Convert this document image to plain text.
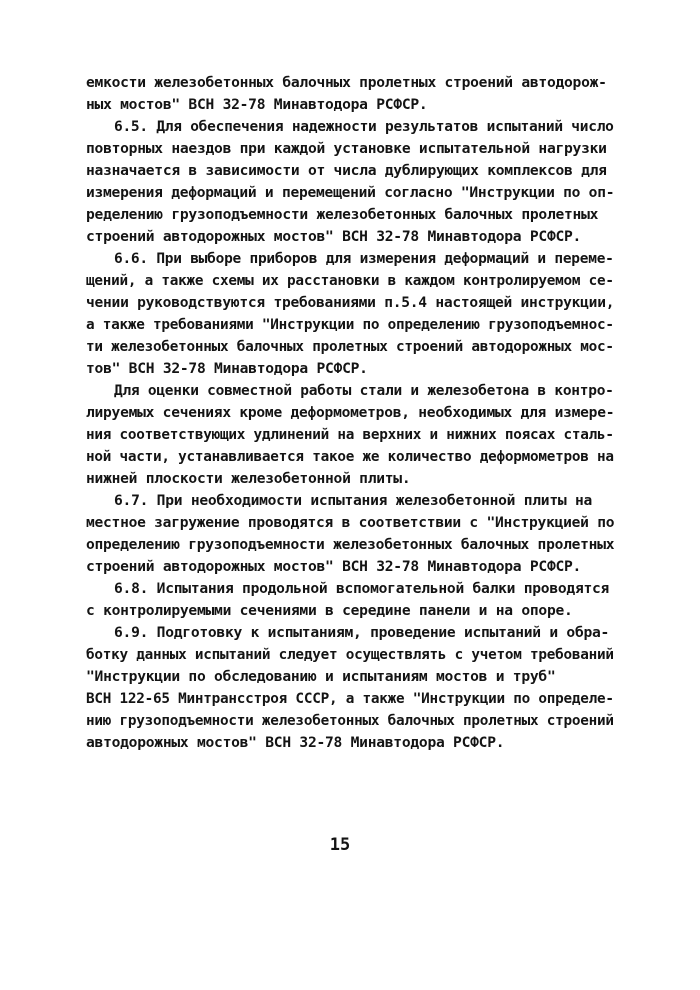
емкости железобетонных балочных пролетных строений автодорож-
ных мостов" ВСН 32-78 Минавтодора РСФСР.
6.5. Для обеспечения надежности результатов испытаний число
повторных наездов при каждой установке испытательной нагрузки
назначается в зависимости от числа дублирующих комплексов для
измерения деформаций и перемещений согласно "Инструкции по оп-
ределению грузоподъемности железобетонных балочных пролетных
строений автодорожных мостов" ВСН 32-78 Минавтодора РСФСР.
6.6. При выборе приборов для измерения деформаций и переме-
щений, а также схемы их расстановки в каждом контролируемом се-
чении руководствуются требованиями п.5.4 настоящей инструкции,
а также требованиями "Инструкции по определению грузоподъемнос-
ти железобетонных балочных пролетных строений автодорожных мос-
тов" ВСН 32-78 Минавтодора РСФСР.
Для оценки совместной работы стали и железобетона в контро-
лируемых сечениях кроме деформометров, необходимых для измере-
ния соответствующих удлинений на верхних и нижних поясах сталь-
ной части, устанавливается такое же количество деформометров на
нижней плоскости железобетонной плиты.
6.7. При необходимости испытания железобетонной плиты на
местное загружение проводятся в соответствии с "Инструкцией по
определению грузоподъемности железобетонных балочных пролетных
строений автодорожных мостов" ВСН 32-78 Минавтодора РСФСР.
6.8. Испытания продольной вспомогательной балки проводятся
с контролируемыми сечениями в середине панели и на опоре.
6.9. Подготовку к испытаниям, проведение испытаний и обра-
ботку данных испытаний следует осуществлять с учетом требований
"Инструкции по обследованию и испытаниям мостов и труб"
ВСН 122-65 Минтрансстроя СССР, а также "Инструкции по определе-
нию грузоподъемности железобетонных балочных пролетных строений
автодорожных мостов" ВСН 32-78 Минавтодора РСФСР.
15
